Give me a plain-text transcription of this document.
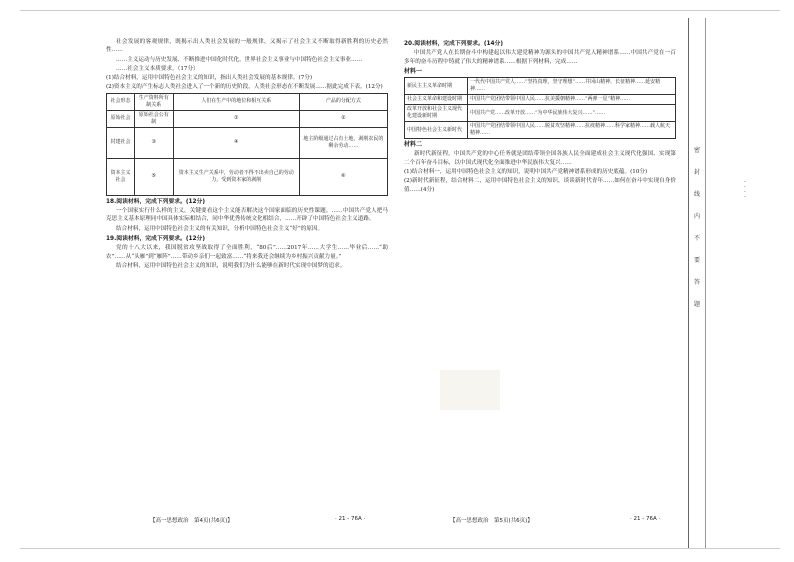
社会发展的客观规律，既揭示出人类社会发展的一般规律，又揭示了社会主义不断取得新胜利的历史必然性……

……主义运动与历史发展、不断推进中国化时代化，世界社会主义事业与中国特色社会主义事业……

……社会主义本质要求。（17分）

(1)结合材料，运用中国特色社会主义的知识，指出人类社会发展的基本规律。(7分)

(2)资本主义的产生标志人类社会进入了一个新的历史阶段，人类社会形态在不断发展……据此完成下表。(12分)

社会形态	生产资料所有制关系	人们在生产中的地位和相互关系	产品的分配方式
原始社会	原始社会公有制	①	②
封建社会	③	④	地主阶级通过占有土地，剥削农民的剩余劳动……
资本主义社会	⑤	资本主义生产关系中，劳动者不得不出卖自己的劳动力，受到资本家的剥削	⑥

18.阅读材料，完成下列要求。(12分)

一个国家实行什么样的主义，关键要看这个主义能否解决这个国家面临的历史性课题。……中国共产党人把马克思主义基本原理同中国具体实际相结合，同中华优秀传统文化相结合，……开辟了中国特色社会主义道路。

结合材料，运用中国特色社会主义的有关知识，分析中国特色社会主义“好”的原因。

19.阅读材料，完成下列要求。(12分)

党的十八大以来，我国脱贫攻坚战取得了全面胜利，“80后”……2017年……大学生……毕业后……“助农”……从“头雁”到“雁阵”……带动乡亲们一起致富……“将来我还会继续为乡村振兴贡献力量。”

结合材料，运用中国特色社会主义的知识，说明我们为什么能够在新时代实现中国梦的追求。

20.阅读材料，完成下列要求。(14分)

中国共产党人在长期奋斗中构建起以伟大建党精神为源头的中国共产党人精神谱系……中国共产党在一百多年的奋斗历程中铸就了伟大的精神谱系……根据下列材料，完成……

材料一

新民主主义革命时期	一代代中国共产党人……“坚持真理，坚守理想”……井冈山精神、长征精神……延安精神……
社会主义革命和建设时期	中国共产党团结带领中国人民……抗美援朝精神……“两弹一星”精神……
改革开放和社会主义现代化建设新时期	中国共产党……改革开放……“为中华民族伟大复兴……”……
中国特色社会主义新时代	中国共产党团结带领中国人民……脱贫攻坚精神……抗疫精神……科学家精神……载人航天精神……

材料二

新时代新征程，中国共产党的中心任务就是团结带领全国各族人民全面建成社会主义现代化强国、实现第二个百年奋斗目标，以中国式现代化全面推进中华民族伟大复兴……

(1)结合材料一，运用中国特色社会主义的知识，说明中国共产党精神谱系形成的历史底蕴。(10分)

(2)新时代新征程，结合材料二，运用中国特色社会主义的知识，谈谈新时代青年……如何在奋斗中实现自身价值……(4分)

【高一思想政治　第4页(共6页)】	· 21 - 76A ·	【高一思想政治　第5页(共6页)】	· 21 - 76A ·
密封线内不要答题
·
·
·
·
